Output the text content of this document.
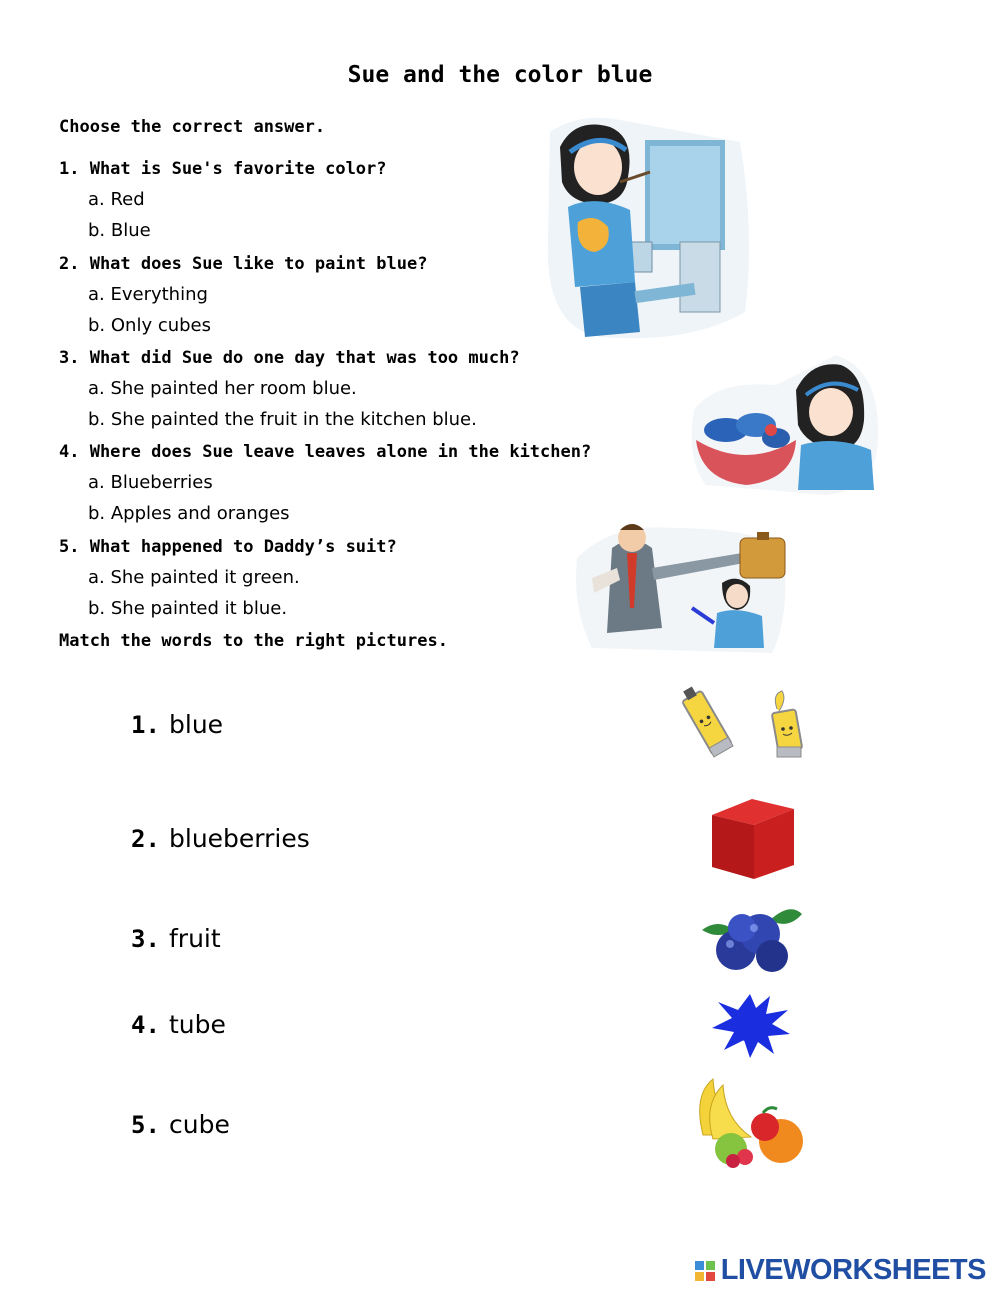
Sue and the color blue
Choose the correct answer.
1. What is Sue's favorite color?
a. Red
b. Blue
2. What does Sue like to paint blue?
a. Everything
b. Only cubes
3. What did Sue do one day that was too much?
a. She painted her room blue.
b. She painted the fruit in the kitchen blue.
4. Where does Sue leave leaves alone in the kitchen?
a. Blueberries
b. Apples and oranges
5. What happened to Daddy’s suit?
a. She painted it green.
b. She painted it blue.
Match the words to the right pictures.
1. blue
2. blueberries
3. fruit
4. tube
5. cube
LIVEWORKSHEETS
